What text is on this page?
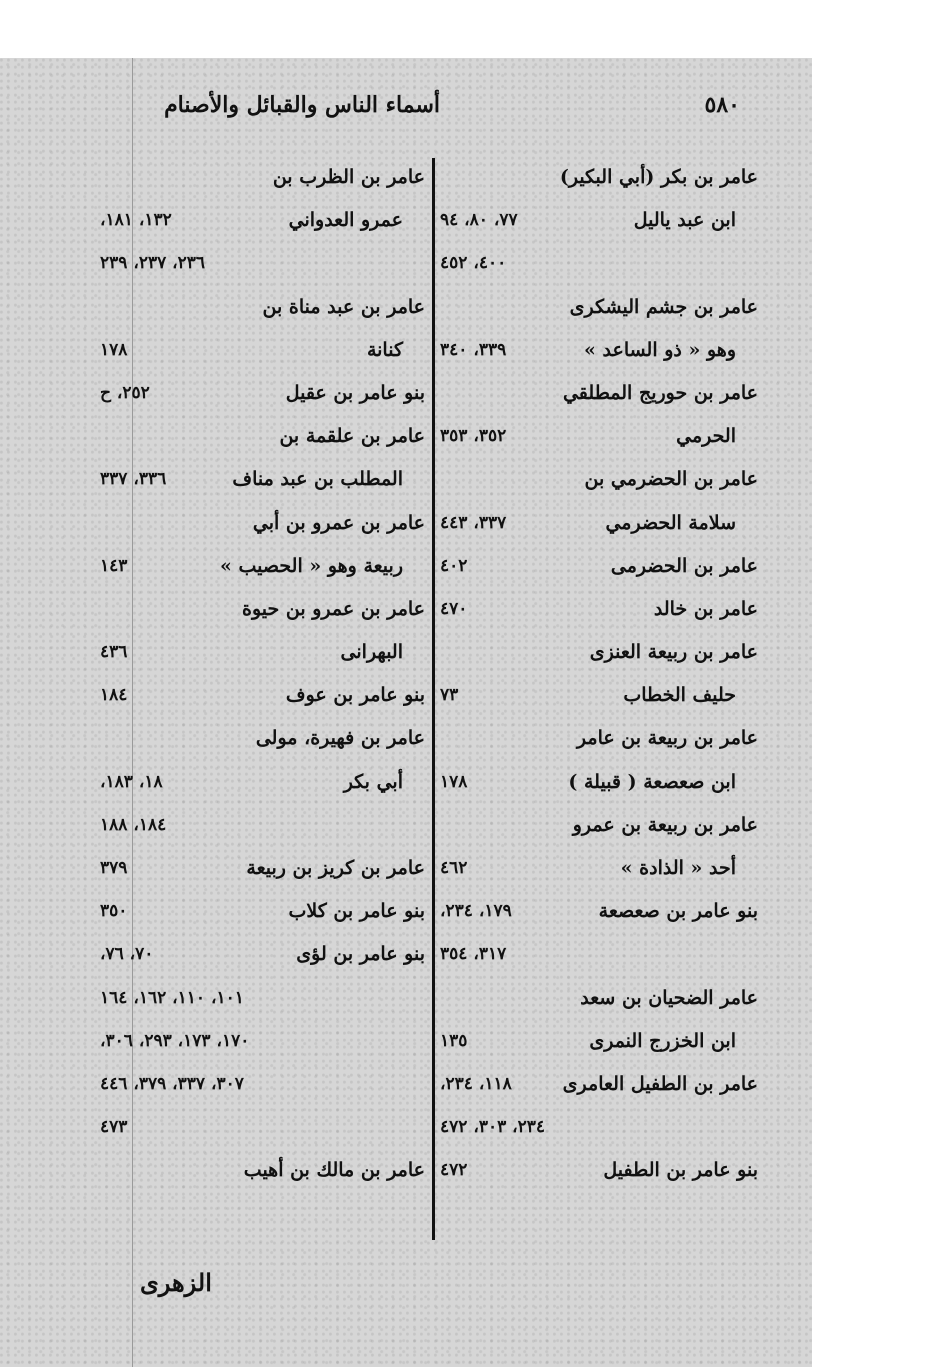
أسماء الناس والقبائل والأصنام	٥٨٠
عامر بن بكر (أبي البكير)
ابن عبد ياليل
٧٧، ٨٠، ٩٤
٤٠٠، ٤٥٢
عامر بن جشم اليشكرى
وهو « ذو الساعد »
٣٣٩، ٣٤٠
عامر بن حوريج المطلقي
الحرمي
٣٥٢، ٣٥٣
عامر بن الحضرمي بن
سلامة الحضرمي
٣٣٧، ٤٤٣
عامر بن الحضرمى
٤٠٢
عامر بن خالد
٤٧٠
عامر بن ربيعة العنزى
حليف الخطاب
٧٣
عامر بن ربيعة بن عامر
ابن صعصعة ( قبيلة )
١٧٨
عامر بن ربيعة بن عمرو
أحد « الذادة »
٤٦٢
بنو عامر بن صعصعة
١٧٩، ٢٣٤،
٣١٧، ٣٥٤
عامر الضحيان بن سعد
ابن الخزرج النمرى
١٣٥
عامر بن الطفيل العامرى
١١٨، ٢٣٤،
٢٣٤، ٣٠٣، ٤٧٢
بنو عامر بن الطفيل
٤٧٢
عامر بن الظرب بن
عمرو العدواني
١٣٢، ١٨١،
٢٣٦، ٢٣٧، ٢٣٩
عامر بن عبد مناة بن
كنانة
١٧٨
بنو عامر بن عقيل
٢٥٢، ح
عامر بن علقمة بن
المطلب بن عبد مناف
٣٣٦، ٣٣٧
عامر بن عمرو بن أبي
ربيعة وهو « الحصيب »
١٤٣
عامر بن عمرو بن حيوة
البهرانى
٤٣٦
بنو عامر بن عوف
١٨٤
عامر بن فهيرة، مولى
أبي بكر
١٨، ١٨٣،
١٨٤، ١٨٨
عامر بن كريز بن ربيعة
٣٧٩
بنو عامر بن كلاب
٣٥٠
بنو عامر بن لؤى
٧٠، ٧٦،
١٠١، ١١٠، ١٦٢، ١٦٤
١٧٠، ١٧٣، ٢٩٣، ٣٠٦،
٣٠٧، ٣٣٧، ٣٧٩، ٤٤٦
٤٧٣
عامر بن مالك بن أهيب
الزهرى
